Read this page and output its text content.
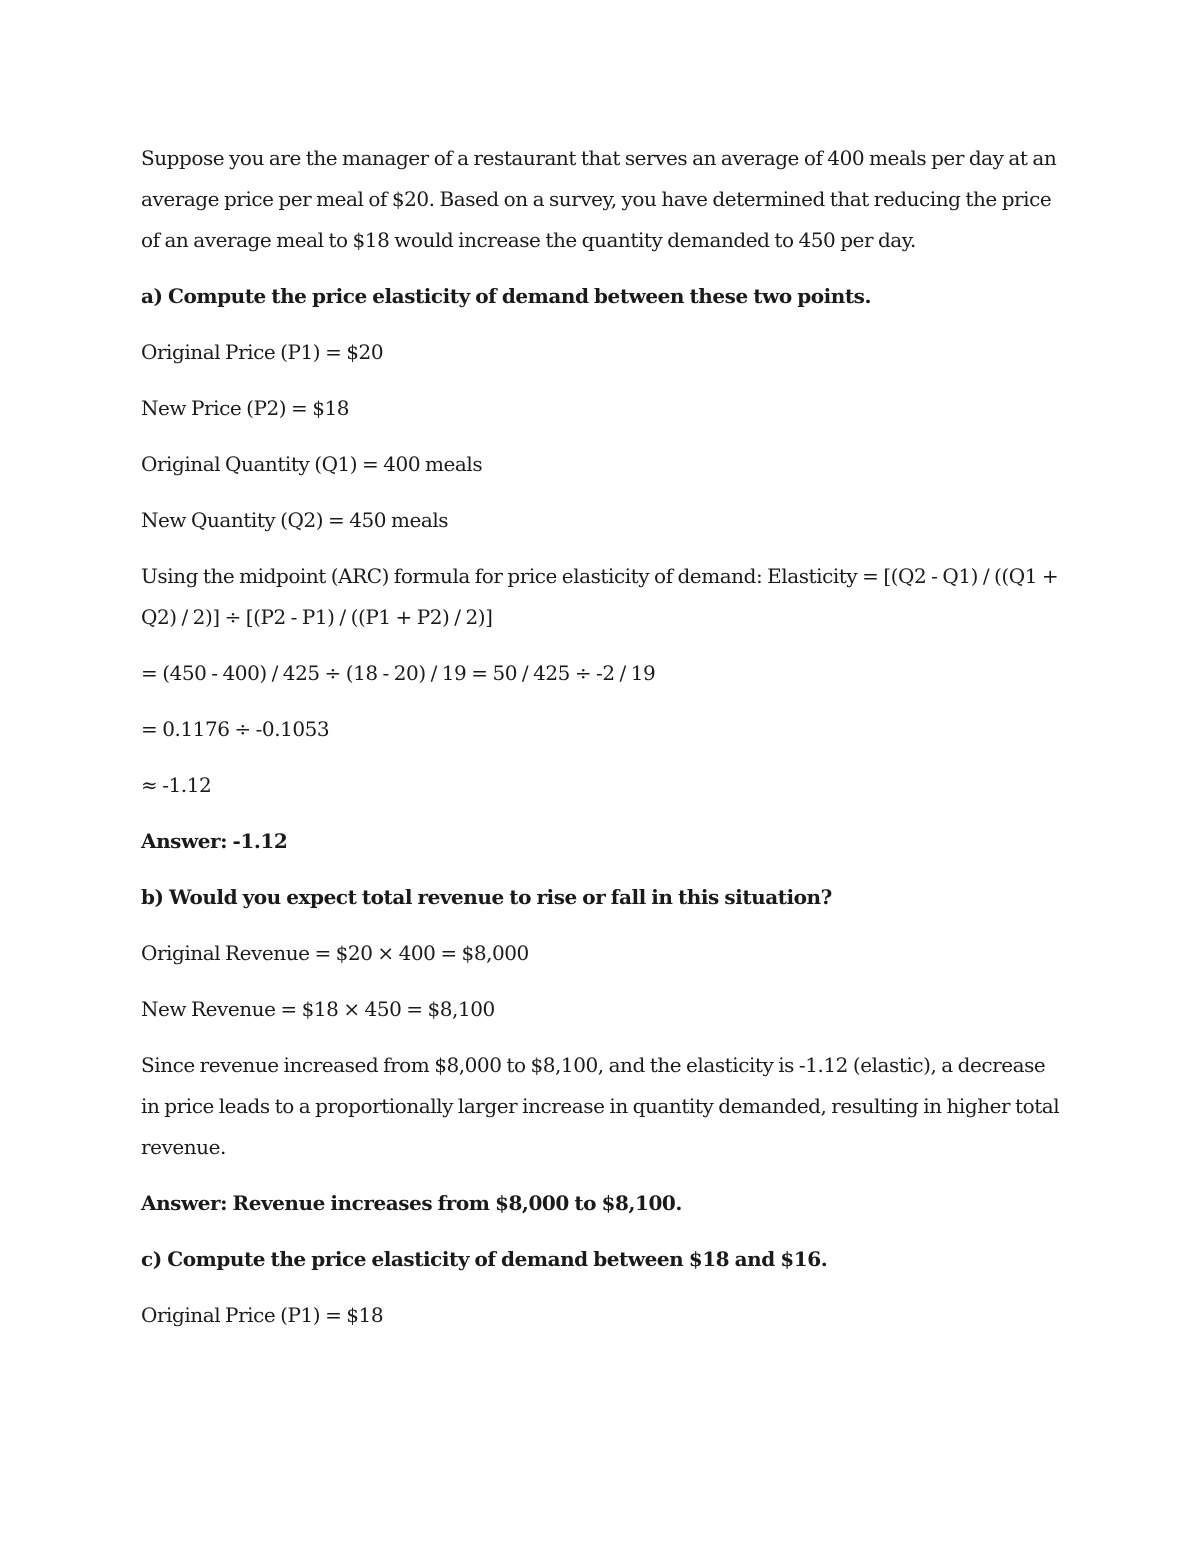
Suppose you are the manager of a restaurant that serves an average of 400 meals per day at an average price per meal of $20. Based on a survey, you have determined that reducing the price of an average meal to $18 would increase the quantity demanded to 450 per day.

a) Compute the price elasticity of demand between these two points.

Original Price (P1) = $20

New Price (P2) = $18

Original Quantity (Q1) = 400 meals

New Quantity (Q2) = 450 meals

Using the midpoint (ARC) formula for price elasticity of demand: Elasticity = [(Q2 - Q1) / ((Q1 + Q2) / 2)] ÷ [(P2 - P1) / ((P1 + P2) / 2)]

= (450 - 400) / 425 ÷ (18 - 20) / 19 = 50 / 425 ÷ -2 / 19

= 0.1176 ÷ -0.1053

≈ -1.12

Answer: -1.12

b) Would you expect total revenue to rise or fall in this situation?

Original Revenue = $20 × 400 = $8,000

New Revenue = $18 × 450 = $8,100

Since revenue increased from $8,000 to $8,100, and the elasticity is -1.12 (elastic), a decrease in price leads to a proportionally larger increase in quantity demanded, resulting in higher total revenue.

Answer: Revenue increases from $8,000 to $8,100.

c) Compute the price elasticity of demand between $18 and $16.

Original Price (P1) = $18
